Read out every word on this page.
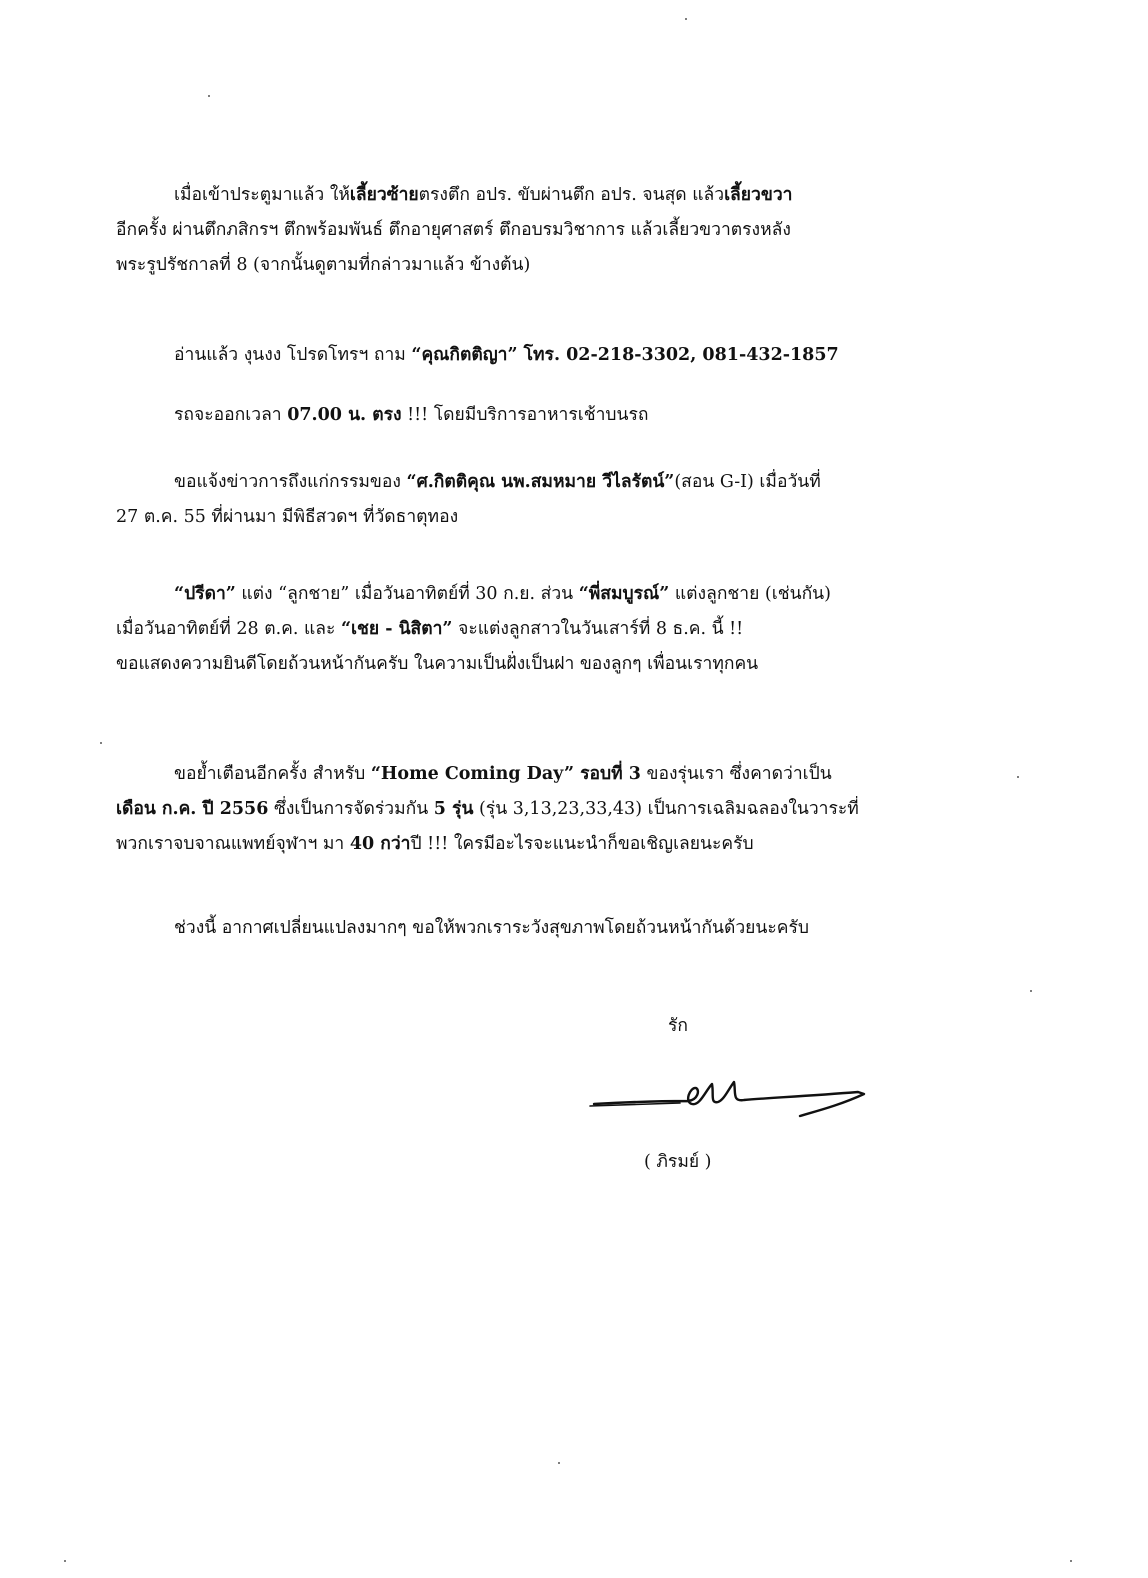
เมื่อเข้าประตูมาแล้ว ให้เลี้ยวซ้ายตรงตึก อปร. ขับผ่านตึก อปร. จนสุด แล้วเลี้ยวขวา
อีกครั้ง ผ่านตึกภสิกรฯ ตึกพร้อมพันธ์ ตึกอายุศาสตร์ ตึกอบรมวิชาการ แล้วเลี้ยวขวาตรงหลัง
พระรูปรัชกาลที่ 8 (จากนั้นดูตามที่กล่าวมาแล้ว ข้างต้น)

อ่านแล้ว งุนงง โปรดโทรฯ ถาม “คุณกิตติญา” โทร. 02-218-3302, 081-432-1857

รถจะออกเวลา 07.00 น. ตรง !!! โดยมีบริการอาหารเช้าบนรถ

ขอแจ้งข่าวการถึงแก่กรรมของ “ศ.กิตติคุณ นพ.สมหมาย วีไลรัตน์”(สอน G-I) เมื่อวันที่
27 ต.ค. 55 ที่ผ่านมา มีพิธีสวดฯ ที่วัดธาตุทอง

“ปรีดา” แต่ง “ลูกชาย” เมื่อวันอาทิตย์ที่ 30 ก.ย. ส่วน “พี่สมบูรณ์” แต่งลูกชาย (เช่นกัน)
เมื่อวันอาทิตย์ที่ 28 ต.ค. และ “เชย - นิสิตา” จะแต่งลูกสาวในวันเสาร์ที่ 8 ธ.ค. นี้ !!
ขอแสดงความยินดีโดยถ้วนหน้ากันครับ ในความเป็นฝั่งเป็นฝา ของลูกๆ เพื่อนเราทุกคน

ขอย้ำเตือนอีกครั้ง สำหรับ “Home Coming Day” รอบที่ 3 ของรุ่นเรา ซึ่งคาดว่าเป็น
เดือน ก.ค. ปี 2556 ซึ่งเป็นการจัดร่วมกัน 5 รุ่น (รุ่น 3,13,23,33,43) เป็นการเฉลิมฉลองในวาระที่
พวกเราจบจาณแพทย์จุฬาฯ มา 40 กว่าปี !!! ใครมีอะไรจะแนะนำก็ขอเชิญเลยนะครับ

ช่วงนี้ อากาศเปลี่ยนแปลงมากๆ ขอให้พวกเราระวังสุขภาพโดยถ้วนหน้ากันด้วยนะครับ

รัก
( ภิรมย์ )
